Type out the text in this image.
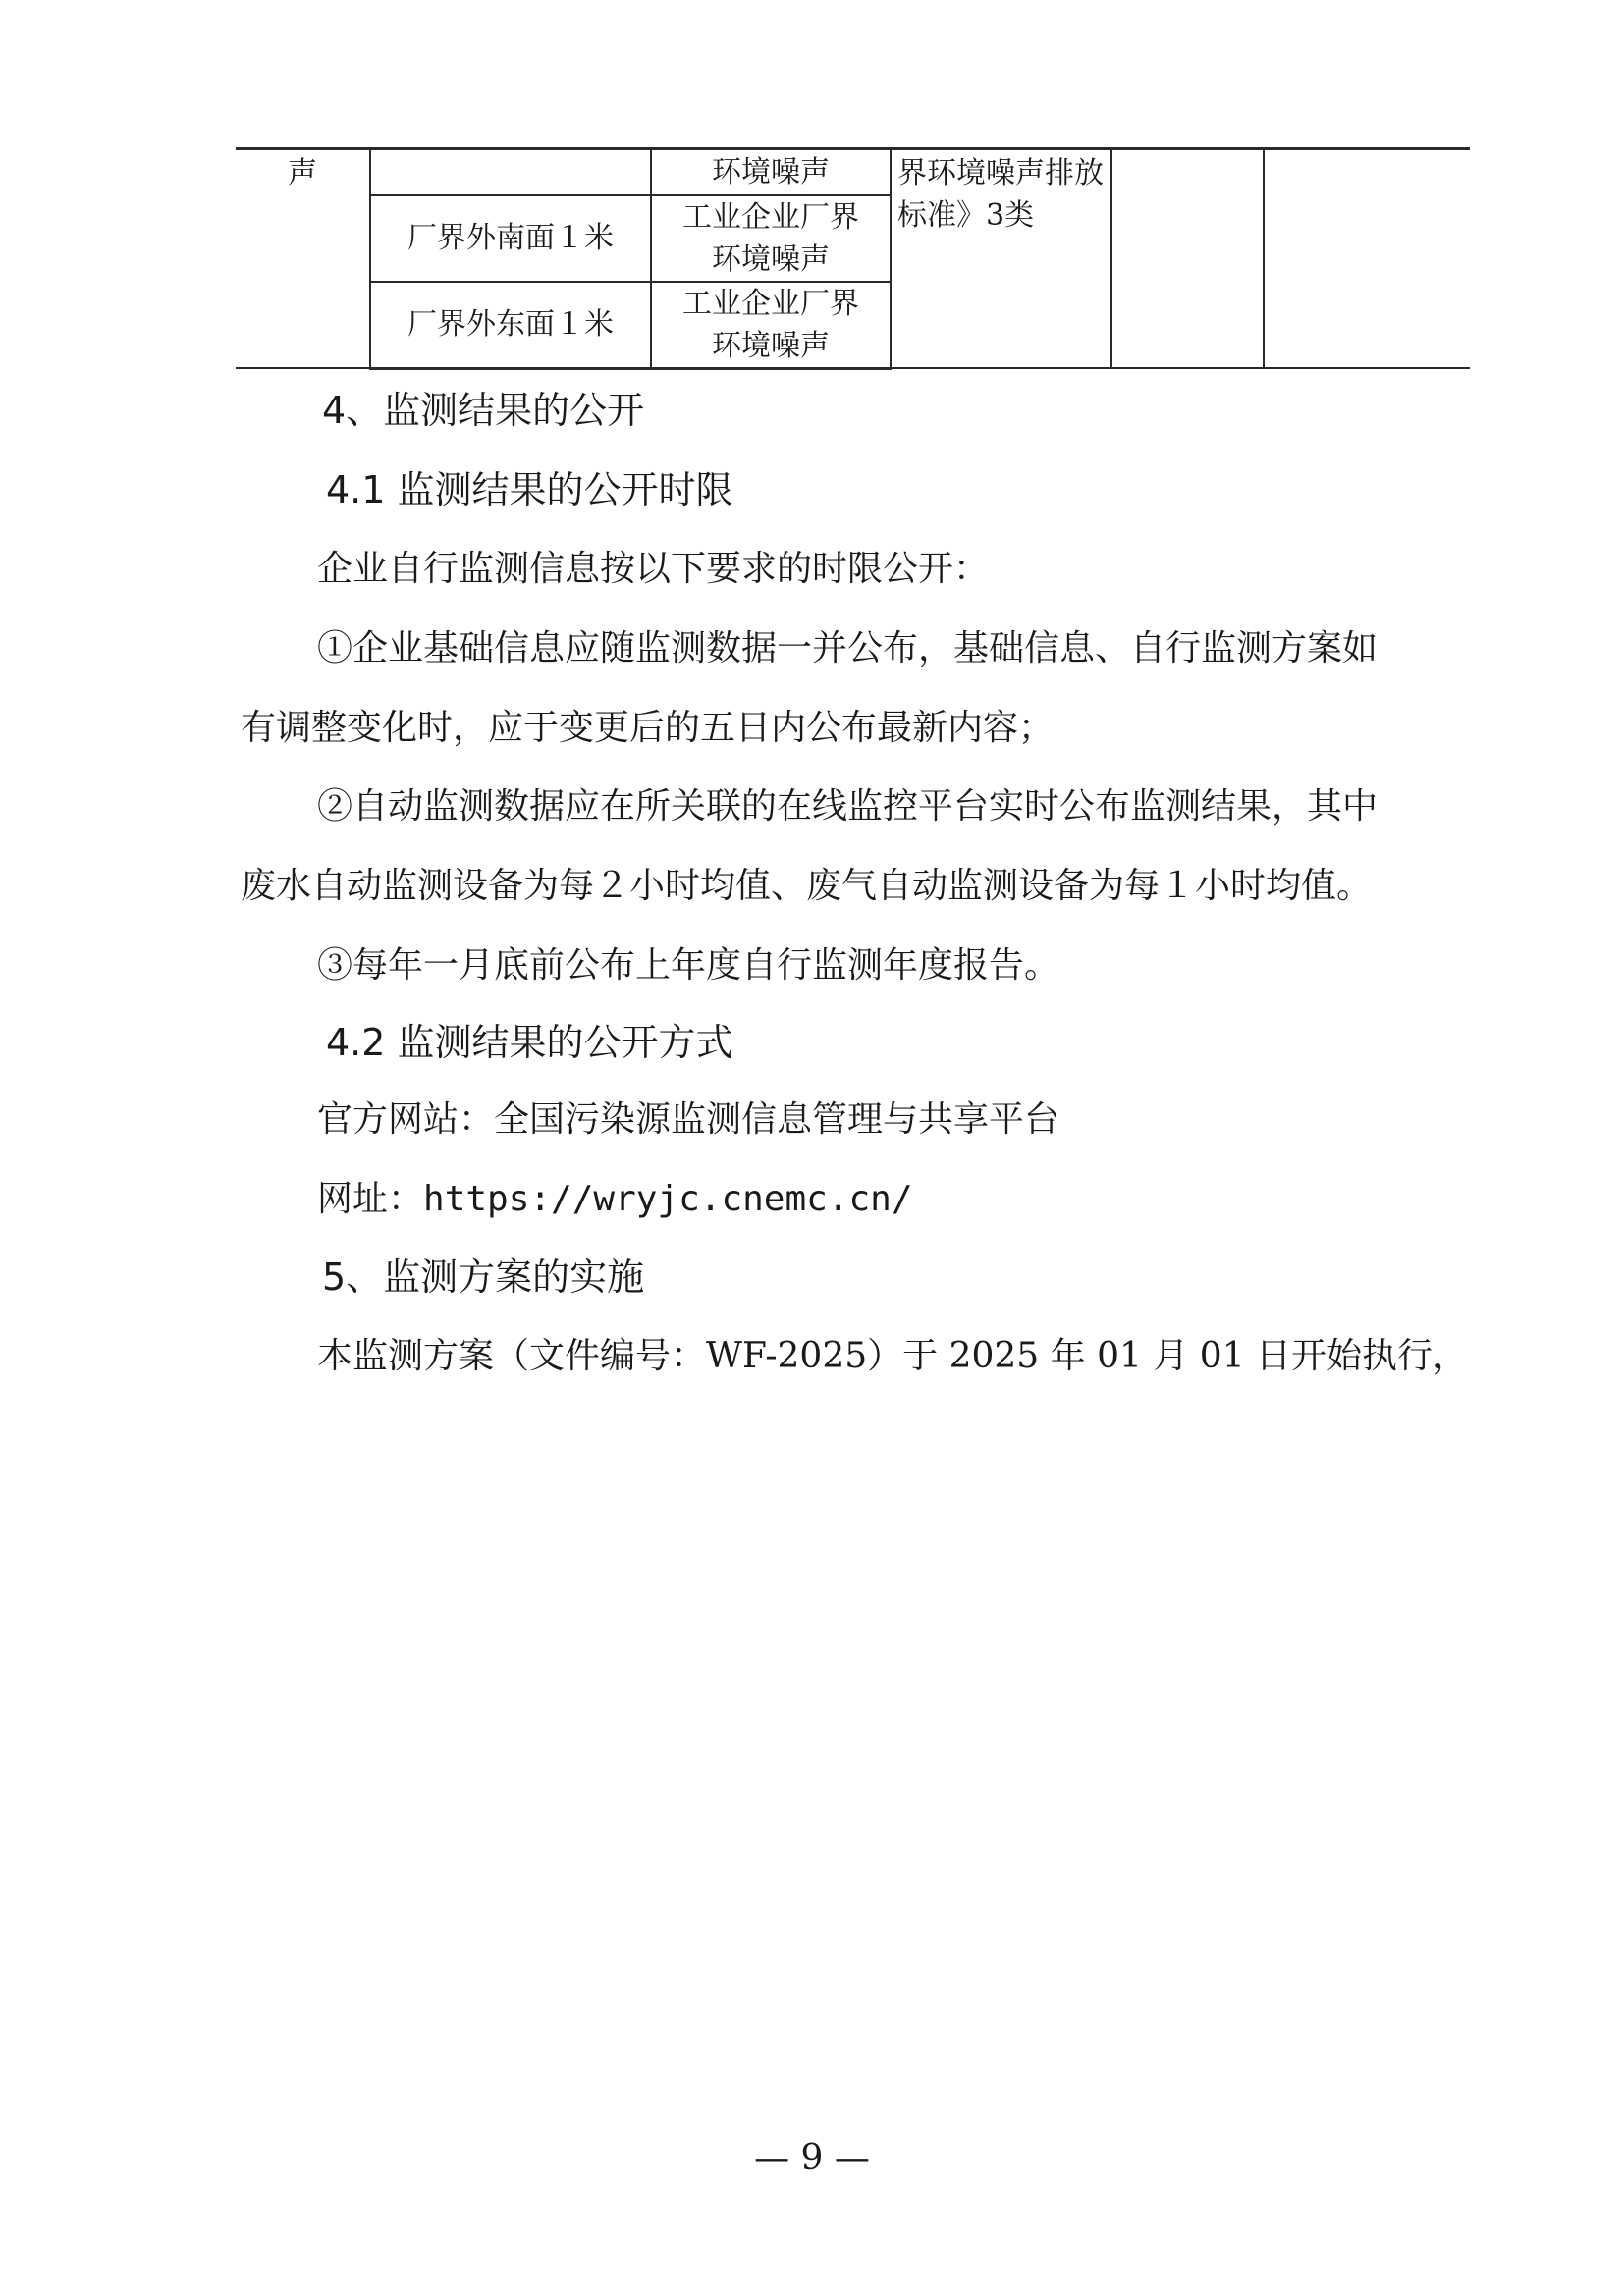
声		环境噪声	界环境噪声排放标准》3类		
	厂界外南面１米	工业企业厂界
环境噪声			
	厂界外东面１米	工业企业厂界
环境噪声			
4、监测结果的公开
4.1 监测结果的公开时限
企业自行监测信息按以下要求的时限公开：
①企业基础信息应随监测数据一并公布，基础信息、自行监测方案如
有调整变化时，应于变更后的五日内公布最新内容；
②自动监测数据应在所关联的在线监控平台实时公布监测结果，其中
废水自动监测设备为每２小时均值、废气自动监测设备为每１小时均值。
③每年一月底前公布上年度自行监测年度报告。
4.2 监测结果的公开方式
官方网站：全国污染源监测信息管理与共享平台
网址：https://wryjc.cnemc.cn/
5、监测方案的实施
本监测方案（文件编号：WF-2025）于 2025 年 01 月 01 日开始执行，
— 9 —
